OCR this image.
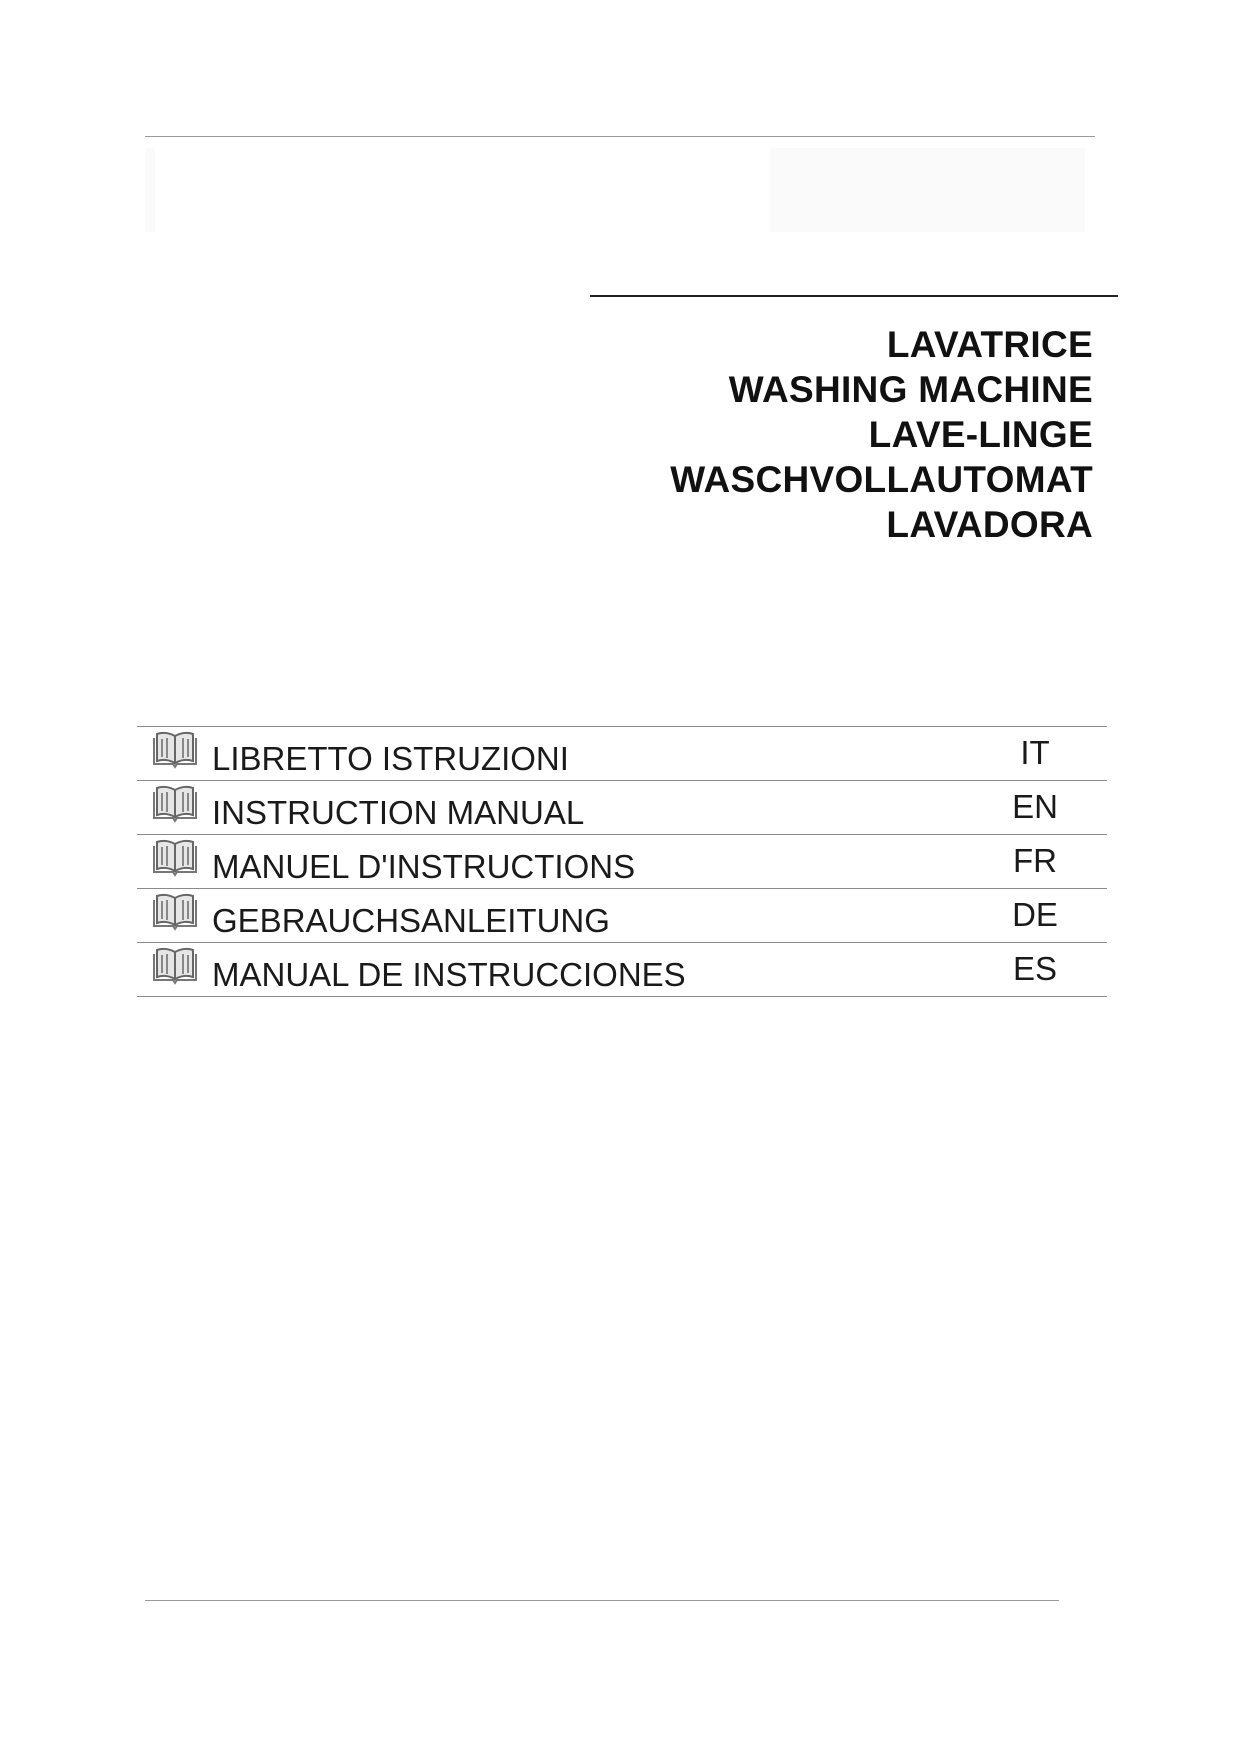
LAVATRICE
WASHING MACHINE
LAVE-LINGE
WASCHVOLLAUTOMAT
LAVADORA
LIBRETTO ISTRUZIONI	IT
INSTRUCTION MANUAL	EN
MANUEL D'INSTRUCTIONS	FR
GEBRAUCHSANLEITUNG	DE
MANUAL DE INSTRUCCIONES	ES
